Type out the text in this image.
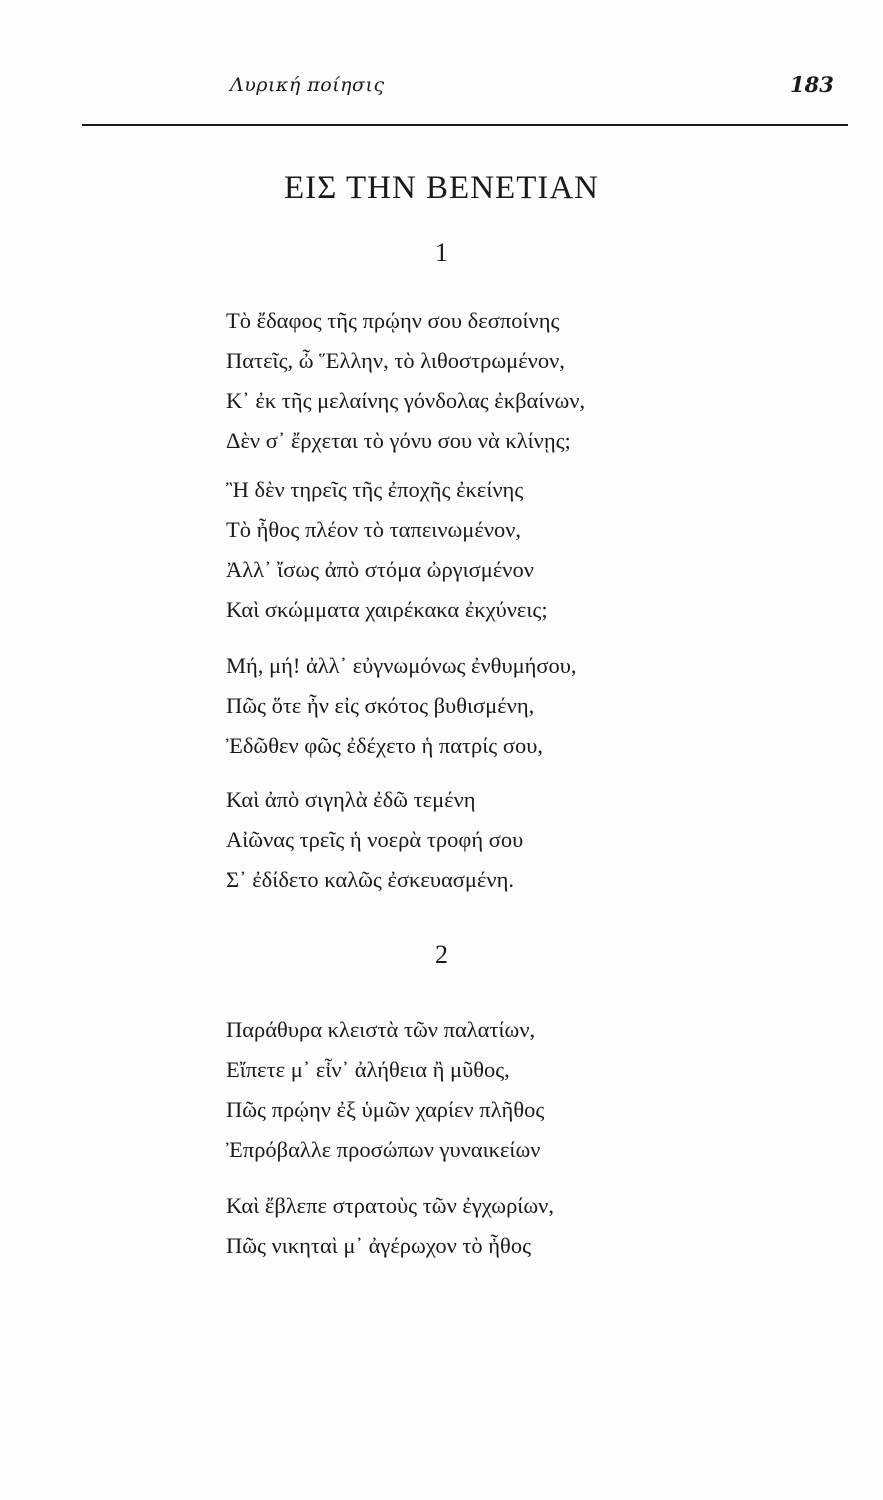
Λυρική ποίησις	183
ΕΙΣ ΤΗΝ ΒΕΝΕΤΙΑΝ
1
Τὸ ἔδαφος τῆς πρῴην σου δεσποίνης
Πατεῖς, ὦ Ἕλλην, τὸ λιθοστρωμένον,
Κ᾽ ἐκ τῆς μελαίνης γόνδολας ἐκβαίνων,
Δὲν σ᾽ ἔρχεται τὸ γόνυ σου νὰ κλίνῃς;
Ἢ δὲν τηρεῖς τῆς ἐποχῆς ἐκείνης
Τὸ ἦθος πλέον τὸ ταπεινωμένον,
Ἀλλ᾽ ἴσως ἀπὸ στόμα ὠργισμένον
Καὶ σκώμματα χαιρέκακα ἐκχύνεις;
Μή, μή! ἀλλ᾽ εὐγνωμόνως ἐνθυμήσου,
Πῶς ὅτε ἦν εἰς σκότος βυθισμένη,
Ἐδῶθεν φῶς ἐδέχετο ἡ πατρίς σου,
Καὶ ἀπὸ σιγηλὰ ἐδῶ τεμένη
Αἰῶνας τρεῖς ἡ νοερὰ τροφή σου
Σ᾽ ἐδίδετο καλῶς ἐσκευασμένη.
2
Παράθυρα κλειστὰ τῶν παλατίων,
Εἴπετε μ᾽ εἶν᾽ ἀλήθεια ἢ μῦθος,
Πῶς πρῴην ἐξ ὑμῶν χαρίεν πλῆθος
Ἐπρόβαλλε προσώπων γυναικείων
Καὶ ἔβλεπε στρατοὺς τῶν ἐγχωρίων,
Πῶς νικηταὶ μ᾽ ἀγέρωχον τὸ ἦθος
